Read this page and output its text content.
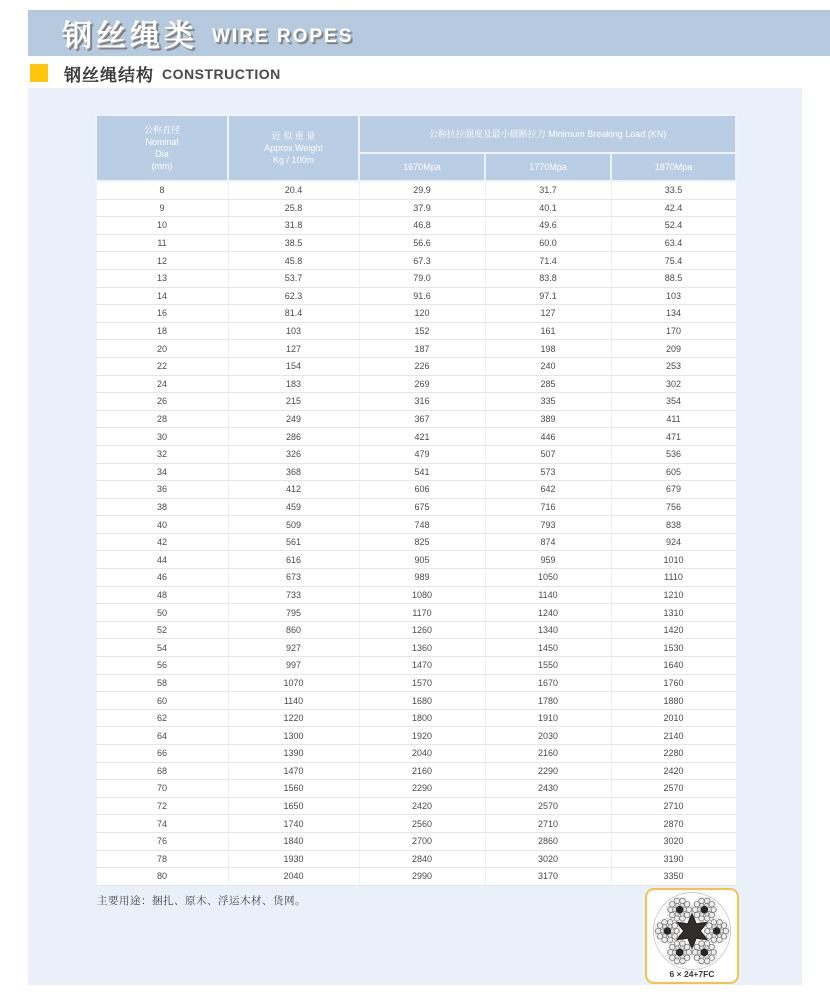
钢丝绳类 WIRE ROPES
钢丝绳结构 CONSTRUCTION
公称直径
Nominal
Dia
(mm)	近 似 重 量
Approx Weight
Kg / 100m	公称抗拉强度及最小破断拉力 Minimum Breaking Load (KN)		
		1670Mpa	1770Mpa	1870Mpa
8	20.4	29.9	31.7	33.5
9	25.8	37.9	40.1	42.4
10	31.8	46.8	49.6	52.4
11	38.5	56.6	60.0	63.4
12	45.8	67.3	71.4	75.4
13	53.7	79.0	83.8	88.5
14	62.3	91.6	97.1	103
16	81.4	120	127	134
18	103	152	161	170
20	127	187	198	209
22	154	226	240	253
24	183	269	285	302
26	215	316	335	354
28	249	367	389	411
30	286	421	446	471
32	326	479	507	536
34	368	541	573	605
36	412	606	642	679
38	459	675	716	756
40	509	748	793	838
42	561	825	874	924
44	616	905	959	1010
46	673	989	1050	1110
48	733	1080	1140	1210
50	795	1170	1240	1310
52	860	1260	1340	1420
54	927	1360	1450	1530
56	997	1470	1550	1640
58	1070	1570	1670	1760
60	1140	1680	1780	1880
62	1220	1800	1910	2010
64	1300	1920	2030	2140
66	1390	2040	2160	2280
68	1470	2160	2290	2420
70	1560	2290	2430	2570
72	1650	2420	2570	2710
74	1740	2560	2710	2870
76	1840	2700	2860	3020
78	1930	2840	3020	3190
80	2040	2990	3170	3350
主要用途：捆扎、原木、浮运木材、货网。
6 × 24+7FC
